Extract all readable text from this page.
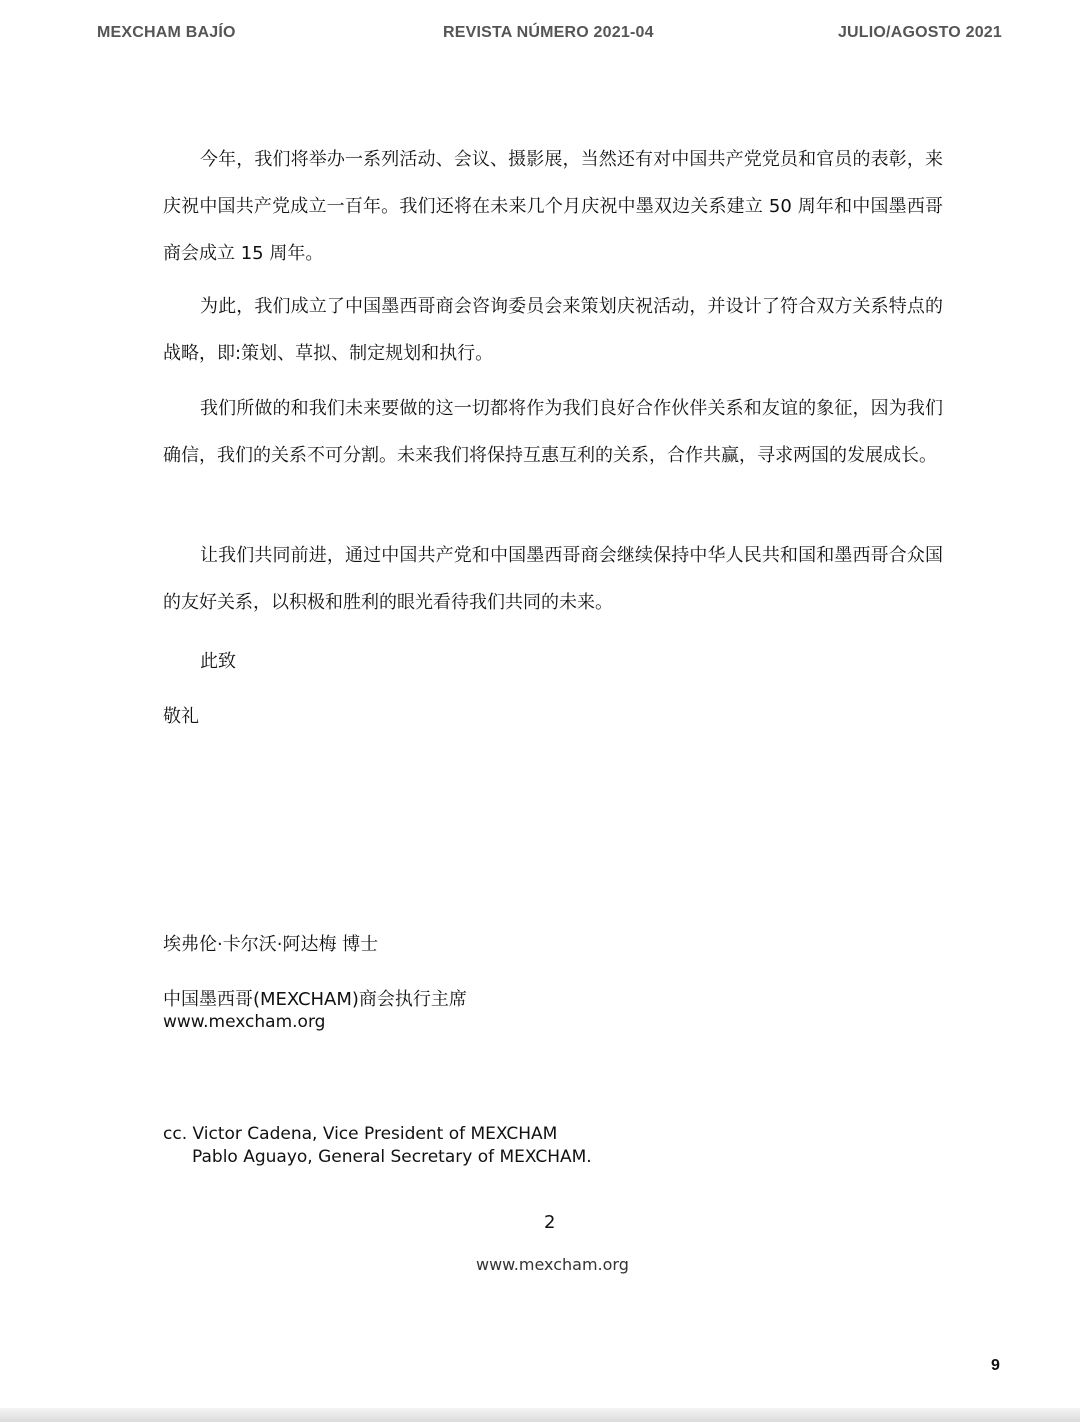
MEXCHAM BAJÍO	REVISTA NÚMERO 2021-04	JULIO/AGOSTO 2021

今年，我们将举办一系列活动、会议、摄影展，当然还有对中国共产党党员和官员的表彰，来庆祝中国共产党成立一百年。我们还将在未来几个月庆祝中墨双边关系建立 50 周年和中国墨西哥商会成立 15 周年。

为此，我们成立了中国墨西哥商会咨询委员会来策划庆祝活动，并设计了符合双方关系特点的战略，即:策划、草拟、制定规划和执行。

我们所做的和我们未来要做的这一切都将作为我们良好合作伙伴关系和友谊的象征，因为我们确信，我们的关系不可分割。未来我们将保持互惠互利的关系，合作共赢，寻求两国的发展成长。

让我们共同前进，通过中国共产党和中国墨西哥商会继续保持中华人民共和国和墨西哥合众国的友好关系，以积极和胜利的眼光看待我们共同的未来。

此致
敬礼
埃弗伦·卡尔沃·阿达梅 博士
中国墨西哥(MEXCHAM)商会执行主席
www.mexcham.org
cc. Victor Cadena, Vice President of MEXCHAM
Pablo Aguayo, General Secretary of MEXCHAM.
2
www.mexcham.org
9
